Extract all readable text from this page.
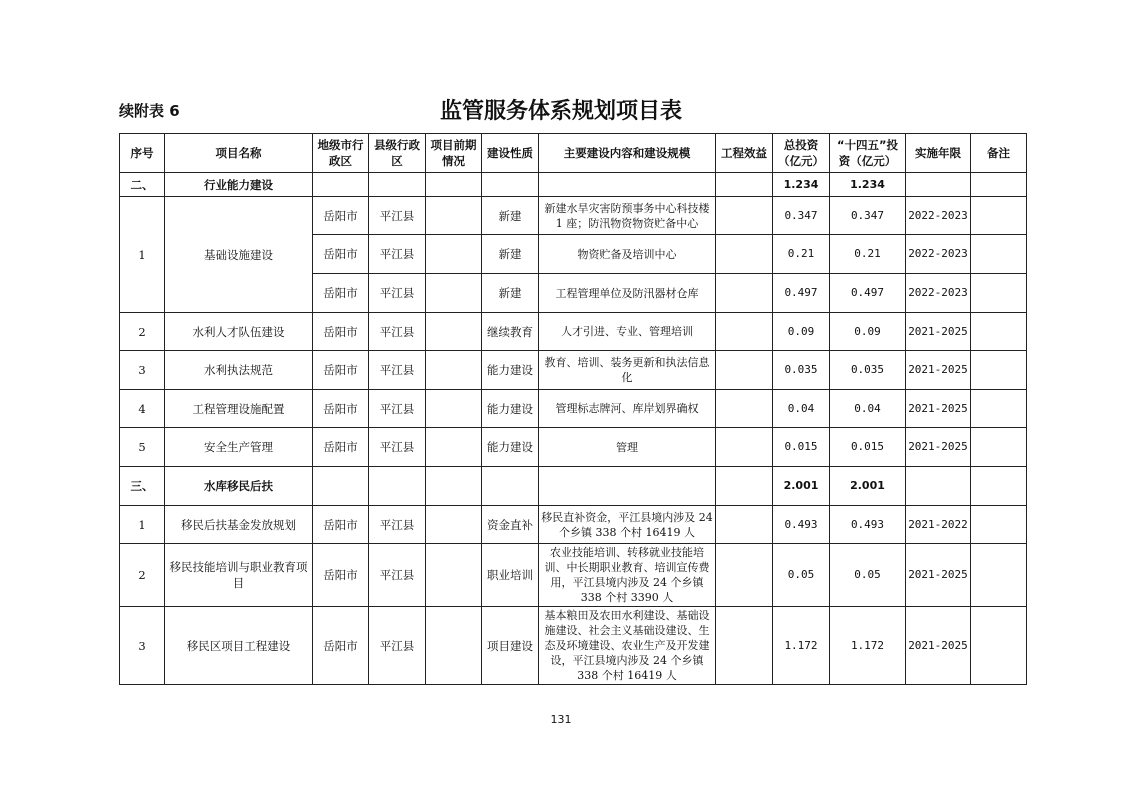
续附表 6	监管服务体系规划项目表
序号	项目名称	地级市行政区	县级行政区	项目前期情况	建设性质	主要建设内容和建设规模	工程效益	总投资（亿元）	“十四五”投资（亿元）	实施年限	备注
二、	行业能力建设							1.234	1.234		
1	基础设施建设	岳阳市	平江县		新建	新建水旱灾害防预事务中心科技楼 1 座；防汛物资物资贮备中心		0.347	0.347	2022-2023	
		岳阳市	平江县		新建	物资贮备及培训中心		0.21	0.21	2022-2023	
		岳阳市	平江县		新建	工程管理单位及防汛器材仓库		0.497	0.497	2022-2023	
2	水利人才队伍建设	岳阳市	平江县		继续教育	人才引进、专业、管理培训		0.09	0.09	2021-2025	
3	水利执法规范	岳阳市	平江县		能力建设	教育、培训、装务更新和执法信息化		0.035	0.035	2021-2025	
4	工程管理设施配置	岳阳市	平江县		能力建设	管理标志牌河、库岸划界确权		0.04	0.04	2021-2025	
5	安全生产管理	岳阳市	平江县		能力建设	管理		0.015	0.015	2021-2025	
三、	水库移民后扶							2.001	2.001		
1	移民后扶基金发放规划	岳阳市	平江县		资金直补	移民直补资金，平江县境内涉及 24 个乡镇 338 个村 16419 人		0.493	0.493	2021-2022	
2	移民技能培训与职业教育项目	岳阳市	平江县		职业培训	农业技能培训、转移就业技能培训、中长期职业教育、培训宣传费用，平江县境内涉及 24 个乡镇 338 个村 3390 人		0.05	0.05	2021-2025	
3	移民区项目工程建设	岳阳市	平江县		项目建设	基本粮田及农田水利建设、基础设施建设、社会主义基础设建设、生态及环境建设、农业生产及开发建设，平江县境内涉及 24 个乡镇 338 个村 16419 人		1.172	1.172	2021-2025	
131
